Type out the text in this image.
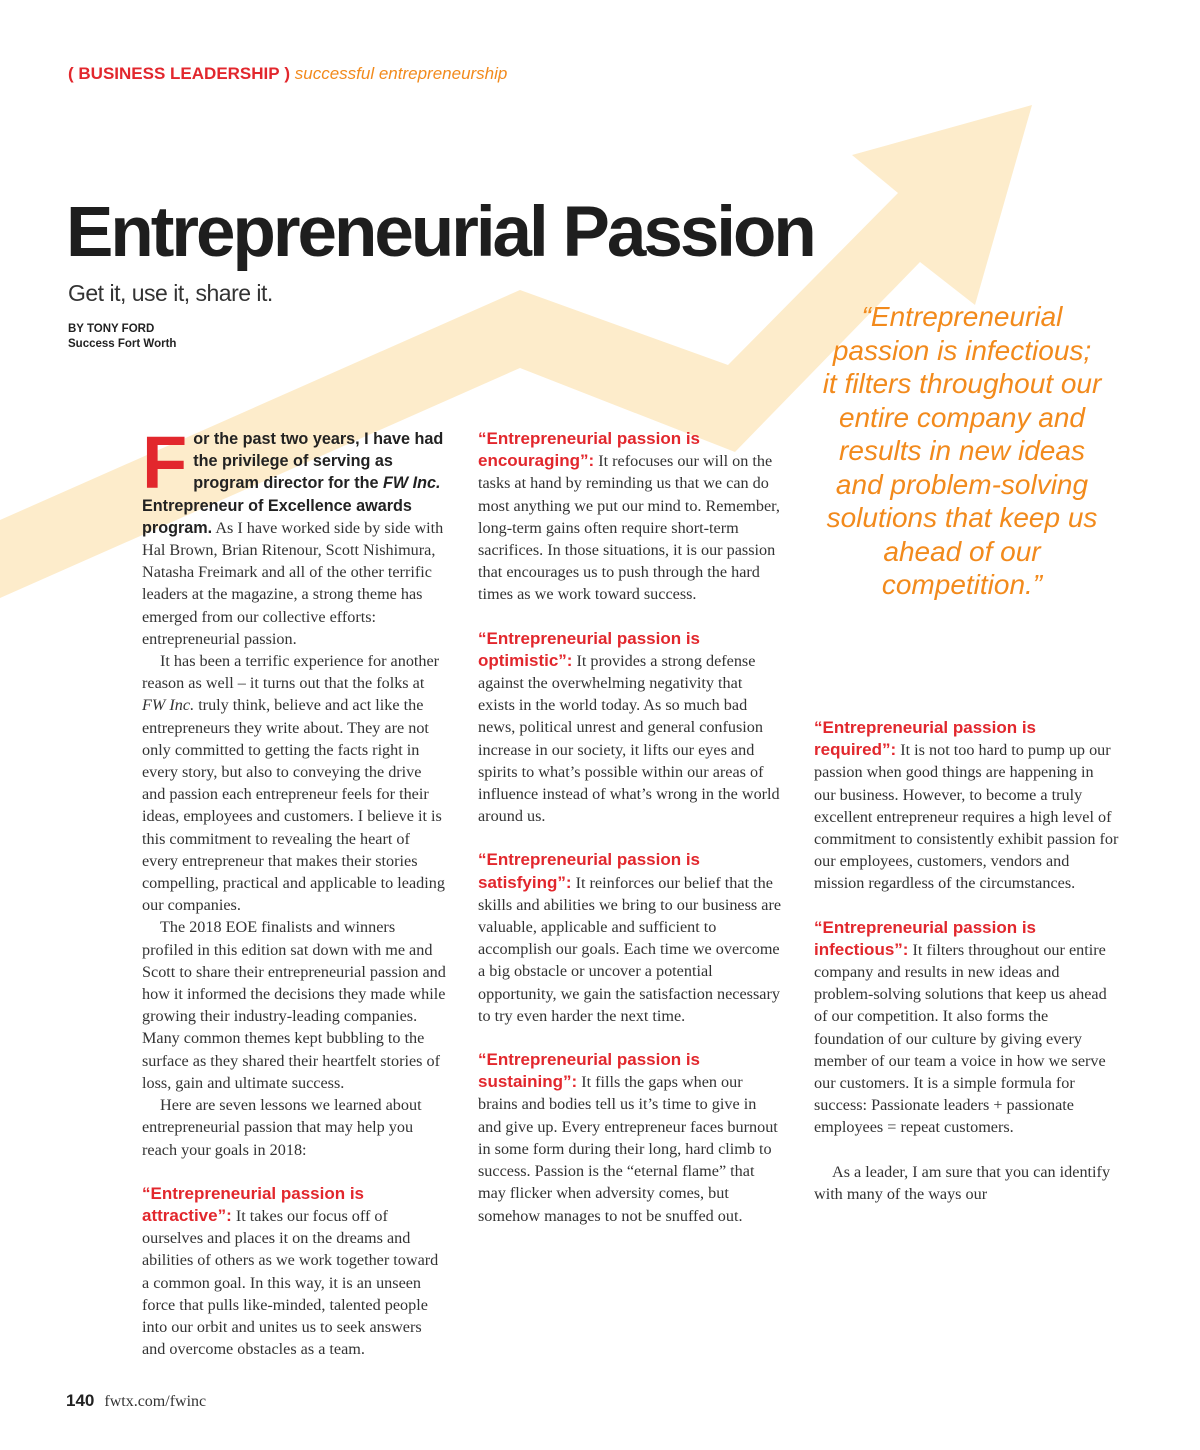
( BUSINESS LEADERSHIP ) successful entrepreneurship
Entrepreneurial Passion
Get it, use it, share it.
BY TONY FORD
Success Fort Worth
“Entrepreneurial passion is infectious; it filters throughout our entire company and results in new ideas and problem-solving solutions that keep us ahead of our competition.”

F or the past two years, I have had the privilege of serving as program director for the FW Inc. Entrepreneur of Excellence awards program. As I have worked side by side with Hal Brown, Brian Ritenour, Scott Nishimura, Natasha Freimark and all of the other terrific leaders at the magazine, a strong theme has emerged from our collective efforts: entrepreneurial passion.

It has been a terrific experience for another reason as well – it turns out that the folks at FW Inc. truly think, believe and act like the entrepreneurs they write about. They are not only committed to getting the facts right in every story, but also to conveying the drive and passion each entrepreneur feels for their ideas, employees and customers. I believe it is this commitment to revealing the heart of every entrepreneur that makes their stories compelling, practical and applicable to leading our companies.

The 2018 EOE finalists and winners profiled in this edition sat down with me and Scott to share their entrepreneurial passion and how it informed the decisions they made while growing their industry-leading companies. Many common themes kept bubbling to the surface as they shared their heartfelt stories of loss, gain and ultimate success.

Here are seven lessons we learned about entrepreneurial passion that may help you reach your goals in 2018:

“Entrepreneurial passion is attractive”: It takes our focus off of ourselves and places it on the dreams and abilities of others as we work together toward a common goal. In this way, it is an unseen force that pulls like-minded, talented people into our orbit and unites us to seek answers and overcome obstacles as a team.

“Entrepreneurial passion is encouraging”: It refocuses our will on the tasks at hand by reminding us that we can do most anything we put our mind to. Remember, long-term gains often require short-term sacrifices. In those situations, it is our passion that encourages us to push through the hard times as we work toward success.

“Entrepreneurial passion is optimistic”: It provides a strong defense against the overwhelming negativity that exists in the world today. As so much bad news, political unrest and general confusion increase in our society, it lifts our eyes and spirits to what’s possible within our areas of influence instead of what’s wrong in the world around us.

“Entrepreneurial passion is satisfying”: It reinforces our belief that the skills and abilities we bring to our business are valuable, applicable and sufficient to accomplish our goals. Each time we overcome a big obstacle or uncover a potential opportunity, we gain the satisfaction necessary to try even harder the next time.

“Entrepreneurial passion is sustaining”: It fills the gaps when our brains and bodies tell us it’s time to give in and give up. Every entrepreneur faces burnout in some form during their long, hard climb to success. Passion is the “eternal flame” that may flicker when adversity comes, but somehow manages to not be snuffed out.

“Entrepreneurial passion is required”: It is not too hard to pump up our passion when good things are happening in our business. However, to become a truly excellent entrepreneur requires a high level of commitment to consistently exhibit passion for our employees, customers, vendors and mission regardless of the circumstances.

“Entrepreneurial passion is infectious”: It filters throughout our entire company and results in new ideas and problem-solving solutions that keep us ahead of our competition. It also forms the foundation of our culture by giving every member of our team a voice in how we serve our customers. It is a simple formula for success: Passionate leaders + passionate employees = repeat customers.

As a leader, I am sure that you can identify with many of the ways our

140 fwtx.com/fwinc
